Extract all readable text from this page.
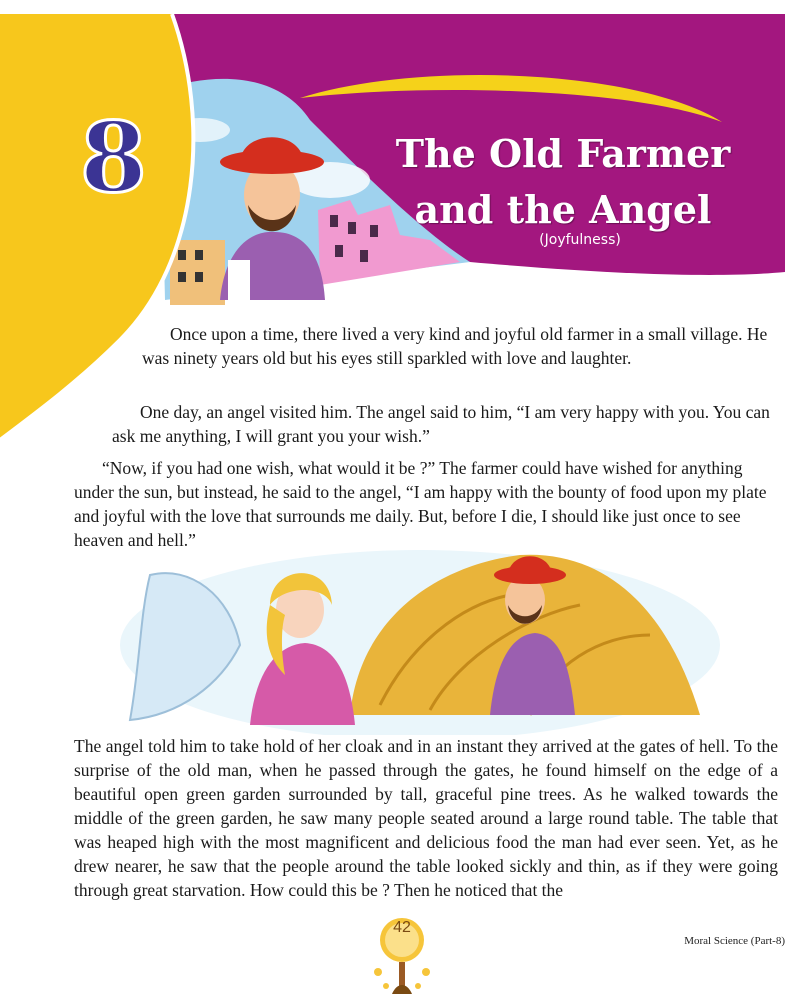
8	The Old Farmer
and the Angel
(Joyfulness)

Once upon a time, there lived a very kind and joyful old farmer in a small village. He was ninety years old but his eyes still sparkled with love and laughter.

One day, an angel visited him. The angel said to him, “I am very happy with you. You can ask me anything, I will grant you your wish.”

“Now, if you had one wish, what would it be ?” The farmer could have wished for anything under the sun, but instead, he said to the angel, “I am happy with the bounty of food upon my plate and joyful with the love that surrounds me daily. But, before I die, I should like just once to see heaven and hell.”

The angel told him to take hold of her cloak and in an instant they arrived at the gates of hell. To the surprise of the old man, when he passed through the gates, he found himself on the edge of a beautiful open green garden surrounded by tall, graceful pine trees. As he walked towards the middle of the green garden, he saw many people seated around a large round table. The table that was heaped high with the most magnificent and delicious food the man had ever seen. Yet, as he drew nearer, he saw that the people around the table looked sickly and thin, as if they were going through great starvation. How could this be ? Then he noticed that the

42
Moral Science (Part-8)
